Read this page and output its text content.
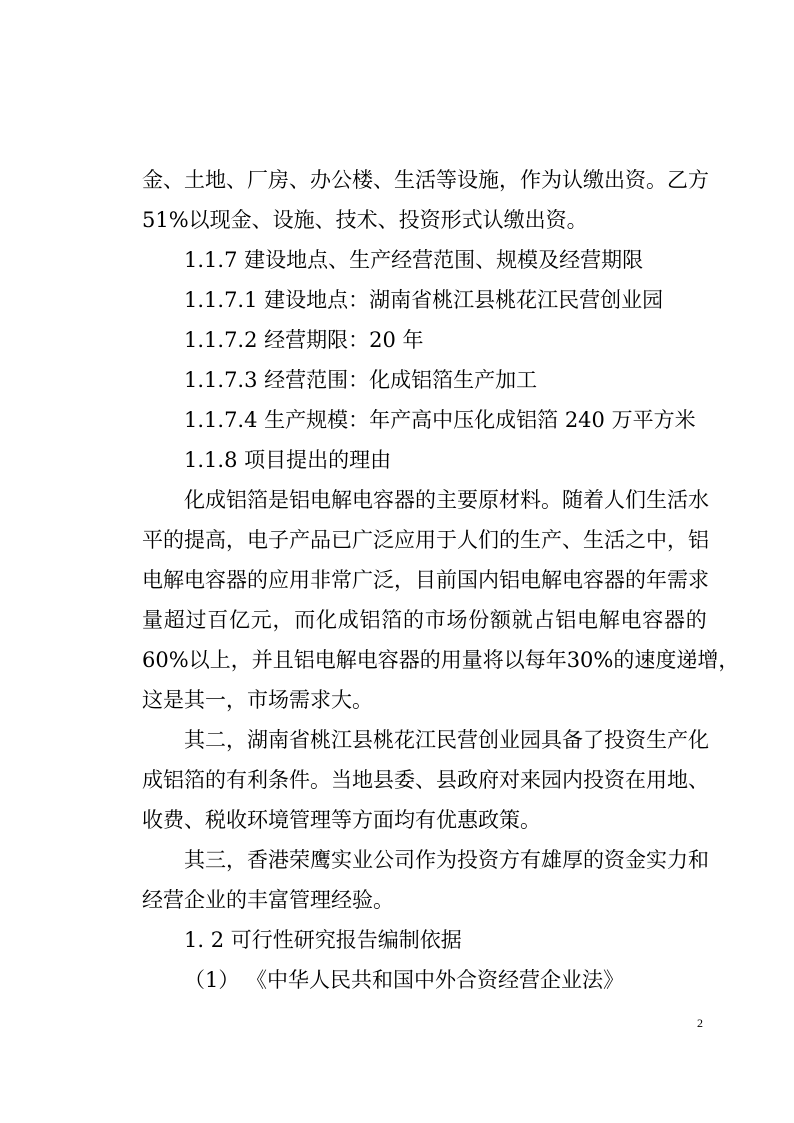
金 、 土 地 、 厂 房 、 办 公 楼 、 生 活 等 设 施 ， 作 为 认 缴 出 资 。 乙 方
51%以现金、设施、技术、投资形式认缴出资。
1.1.7 建设地点、生产经营范围、规模及经营期限
1.1.7.1 建设地点：湖南省桃江县桃花江民营创业园
1.1.7.2 经营期限：20 年
1.1.7.3 经营范围：化成铝箔生产加工
1.1.7.4 生产规模：年产高中压化成铝箔 240 万平方米
1.1.8 项目提出的理由
化 成 铝 箔 是 铝 电 解 电 容 器 的 主 要 原 材 料 。 随 着 人 们 生 活 水
平 的 提 高 ， 电 子 产 品 已 广 泛 应 用 于 人 们 的 生 产 、 生 活 之 中 ， 铝
电 解 电 容 器 的 应 用 非 常 广 泛 ， 目 前 国 内 铝 电 解 电 容 器 的 年 需 求
量 超 过 百 亿 元 ， 而 化 成 铝 箔 的 市 场 份 额 就 占 铝 电 解 电 容 器 的
60% 以 上 ， 并 且 铝 电 解 电 容 器 的 用 量 将 以 每 年 30% 的 速 度 递 增 ，
这是其一，市场需求大。
其 二 ， 湖 南 省 桃 江 县 桃 花 江 民 营 创 业 园 具 备 了 投 资 生 产 化
成 铝 箔 的 有 利 条 件 。 当 地 县 委 、 县 政 府 对 来 园 内 投 资 在 用 地 、
收费、税收环境管理等方面均有优惠政策。
其 三 ， 香 港 荣 鹰 实 业 公 司 作 为 投 资 方 有 雄 厚 的 资 金 实 力 和
经营企业的丰富管理经验。
1. 2 可行性研究报告编制依据
（1） 《中华人民共和国中外合资经营企业法》
2
